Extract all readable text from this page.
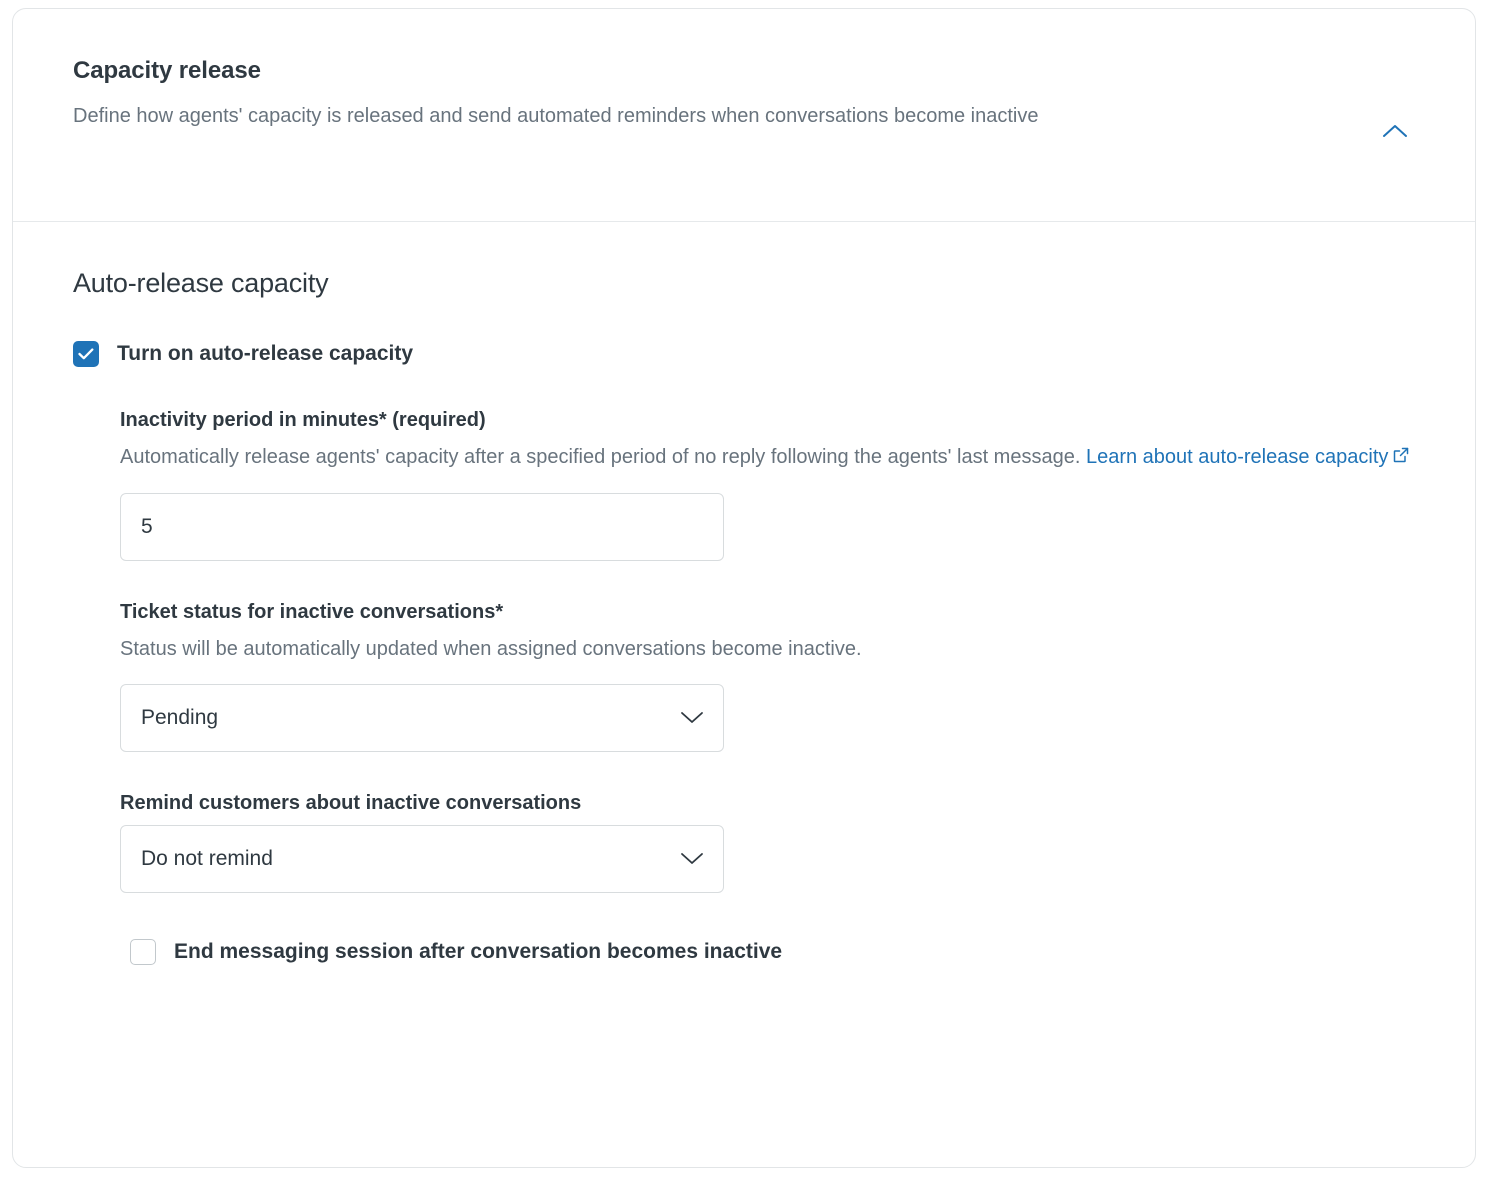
Capacity release

Define how agents' capacity is released and send automated reminders when conversations become inactive

Auto-release capacity
Turn on auto-release capacity
Inactivity period in minutes* (required)
Automatically release agents' capacity after a specified period of no reply following the agents' last message. Learn about auto-release capacity
5
Ticket status for inactive conversations*
Status will be automatically updated when assigned conversations become inactive.
Pending
Remind customers about inactive conversations
Do not remind
End messaging session after conversation becomes inactive
